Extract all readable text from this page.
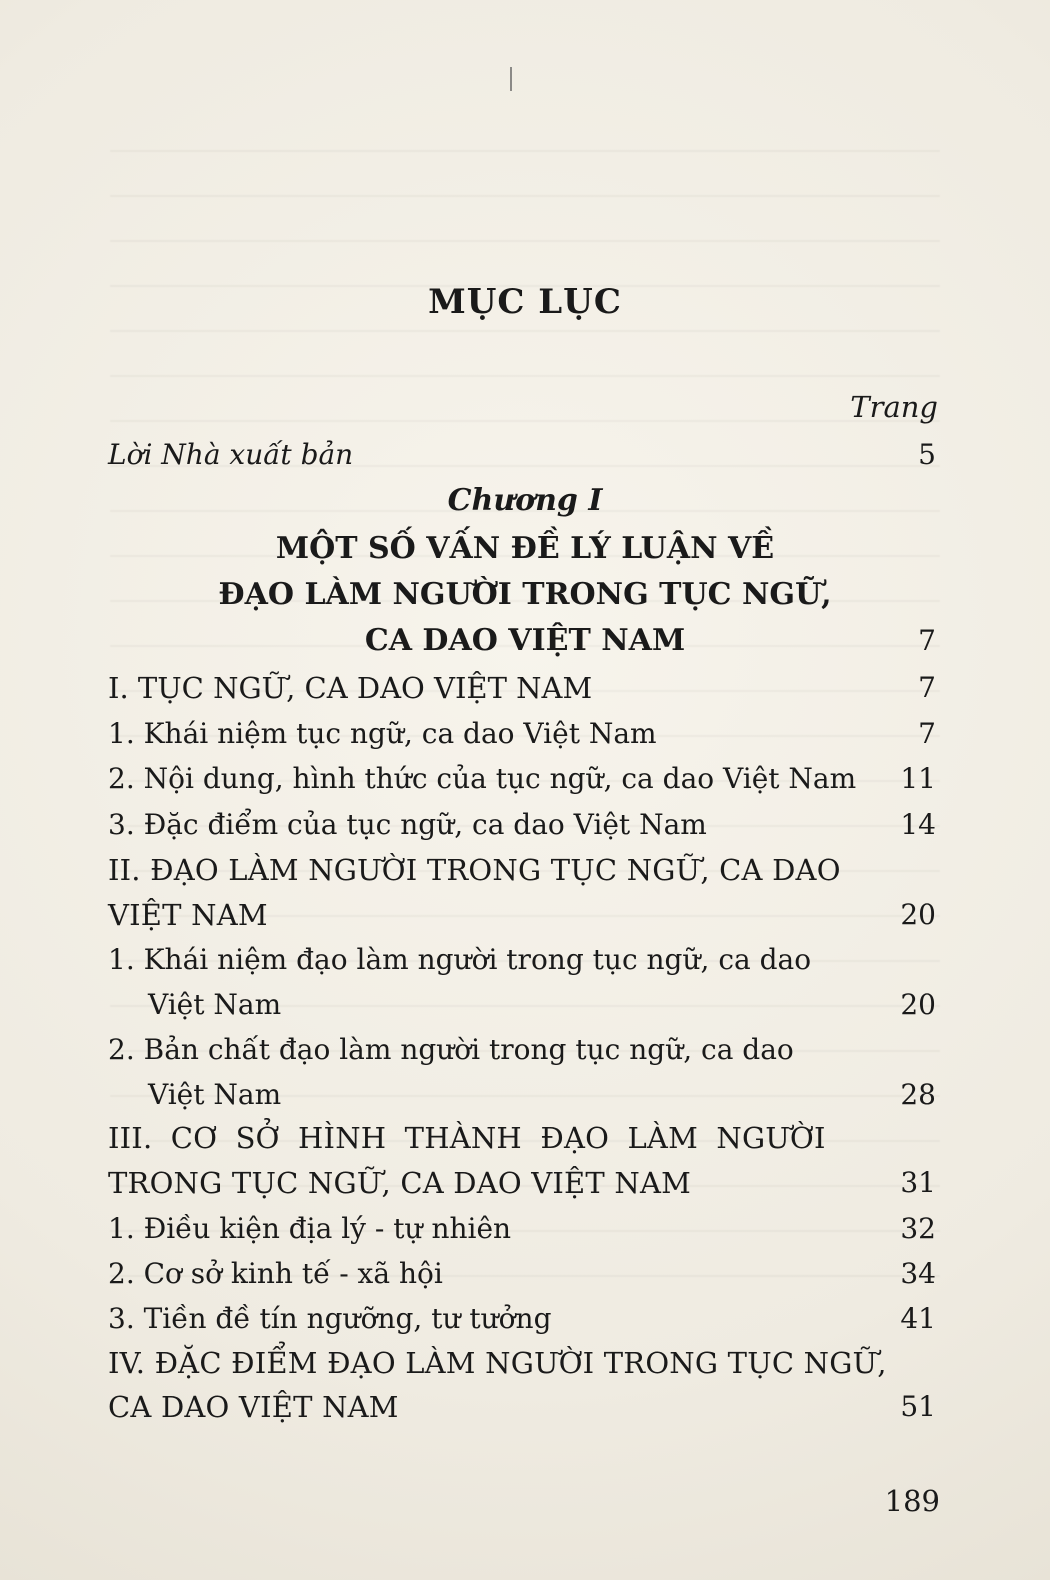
MỤC LỤC
Trang
Lời Nhà xuất bản	5
Chương I
MỘT SỐ VẤN ĐỀ LÝ LUẬN VỀ
ĐẠO LÀM NGƯỜI TRONG TỤC NGỮ,
CA DAO VIỆT NAM	7
I. TỤC NGỮ, CA DAO VIỆT NAM	7
1. Khái niệm tục ngữ, ca dao Việt Nam	7
2. Nội dung, hình thức của tục ngữ, ca dao Việt Nam	11
3. Đặc điểm của tục ngữ, ca dao Việt Nam	14
II. ĐẠO LÀM NGƯỜI TRONG TỤC NGỮ, CA DAO
VIỆT NAM	20
1. Khái niệm đạo làm người trong tục ngữ, ca dao
Việt Nam	20
2. Bản chất đạo làm người trong tục ngữ, ca dao
Việt Nam	28
III. CƠ SỞ HÌNH THÀNH ĐẠO LÀM NGƯỜI
TRONG TỤC NGỮ, CA DAO VIỆT NAM	31
1. Điều kiện địa lý - tự nhiên	32
2. Cơ sở kinh tế - xã hội	34
3. Tiền đề tín ngưỡng, tư tưởng	41
IV. ĐẶC ĐIỂM ĐẠO LÀM NGƯỜI TRONG TỤC NGỮ,
CA DAO VIỆT NAM	51
189
